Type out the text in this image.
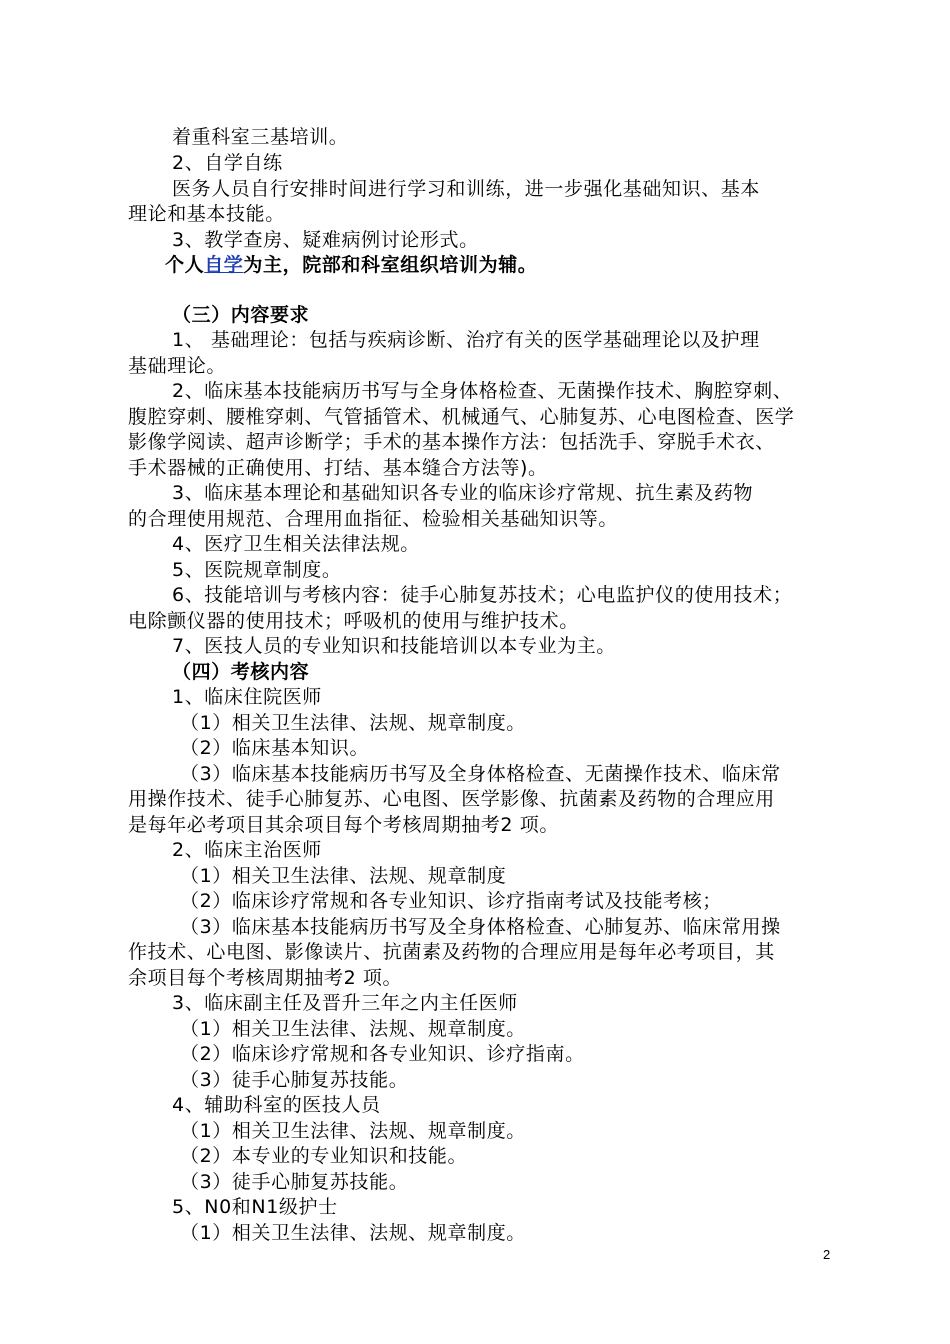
着重科室三基培训。
2、自学自练
医务人员自行安排时间进行学习和训练，进一步强化基础知识、基本
理论和基本技能。
3、教学查房、疑难病例讨论形式。
个人自学为主，院部和科室组织培训为辅。
（三）内容要求
1、 基础理论：包括与疾病诊断、治疗有关的医学基础理论以及护理
基础理论。
2、临床基本技能病历书写与全身体格检查、无菌操作技术、胸腔穿刺、
腹腔穿刺、腰椎穿刺、气管插管术、机械通气、心肺复苏、心电图检查、医学
影像学阅读、超声诊断学；手术的基本操作方法：包括洗手、穿脱手术衣、
手术器械的正确使用、打结、基本缝合方法等)。
3、临床基本理论和基础知识各专业的临床诊疗常规、抗生素及药物
的合理使用规范、合理用血指征、检验相关基础知识等。
4、医疗卫生相关法律法规。
5、医院规章制度。
6、技能培训与考核内容：徒手心肺复苏技术；心电监护仪的使用技术；
电除颤仪器的使用技术；呼吸机的使用与维护技术。
7、医技人员的专业知识和技能培训以本专业为主。
（四）考核内容
1、临床住院医师
（1）相关卫生法律、法规、规章制度。
（2）临床基本知识。
（3）临床基本技能病历书写及全身体格检查、无菌操作技术、临床常
用操作技术、徒手心肺复苏、心电图、医学影像、抗菌素及药物的合理应用
是每年必考项目其余项目每个考核周期抽考2 项。
2、临床主治医师
（1）相关卫生法律、法规、规章制度
（2）临床诊疗常规和各专业知识、诊疗指南考试及技能考核；
（3）临床基本技能病历书写及全身体格检查、心肺复苏、临床常用操
作技术、心电图、影像读片、抗菌素及药物的合理应用是每年必考项目，其
余项目每个考核周期抽考2 项。
3、临床副主任及晋升三年之内主任医师
（1）相关卫生法律、法规、规章制度。
（2）临床诊疗常规和各专业知识、诊疗指南。
（3）徒手心肺复苏技能。
4、辅助科室的医技人员
（1）相关卫生法律、法规、规章制度。
（2）本专业的专业知识和技能。
（3）徒手心肺复苏技能。
5、N0和N1级护士
（1）相关卫生法律、法规、规章制度。
2
